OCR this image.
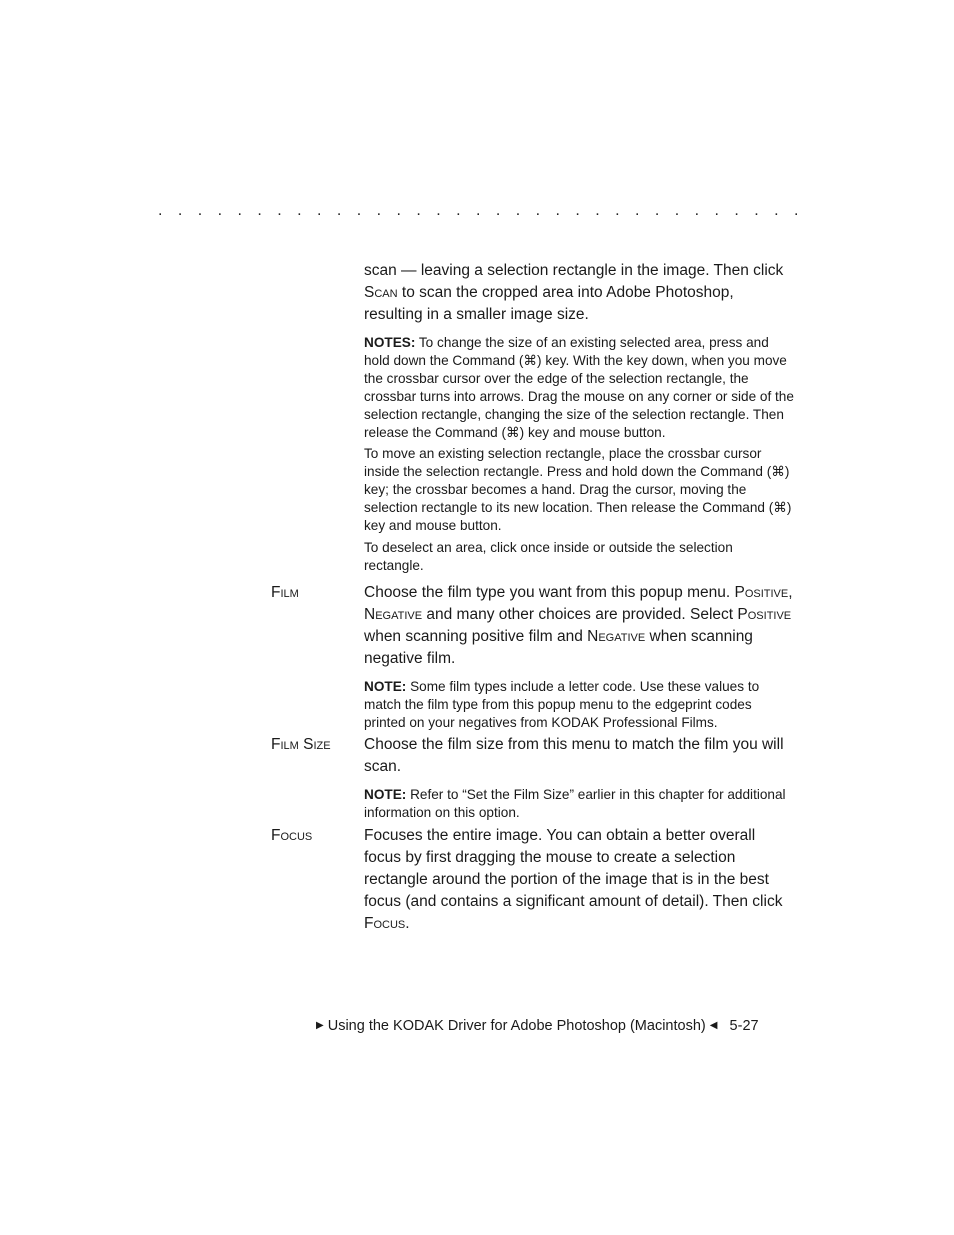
. . . . . . . . . . . . . . . . . . . . . . . . . . . . . . . . .

scan — leaving a selection rectangle in the image. Then click Scan to scan the cropped area into Adobe Photoshop, resulting in a smaller image size.

NOTES: To change the size of an existing selected area, press and hold down the Command (⌘) key. With the key down, when you move the crossbar cursor over the edge of the selection rectangle, the crossbar turns into arrows. Drag the mouse on any corner or side of the selection rectangle, changing the size of the selection rectangle. Then release the Command (⌘) key and mouse button.

To move an existing selection rectangle, place the crossbar cursor inside the selection rectangle. Press and hold down the Command (⌘) key; the crossbar becomes a hand. Drag the cursor, moving the selection rectangle to its new location. Then release the Command (⌘) key and mouse button.

To deselect an area, click once inside or outside the selection rectangle.

Film	Choose the film type you want from this popup menu. Positive, Negative and many other choices are provided. Select Positive when scanning positive film and Negative when scanning negative film.

NOTE: Some film types include a letter code. Use these values to match the film type from this popup menu to the edgeprint codes printed on your negatives from KODAK Professional Films.

Film Size Choose the film size from this menu to match the film you will scan.

NOTE: Refer to “Set the Film Size” earlier in this chapter for additional information on this option.

Focus	Focuses the entire image. You can obtain a better overall focus by first dragging the mouse to create a selection rectangle around the portion of the image that is in the best focus (and contains a significant amount of detail). Then click Focus.

▶ Using the KODAK Driver for Adobe Photoshop (Macintosh) ◀ 5-27
